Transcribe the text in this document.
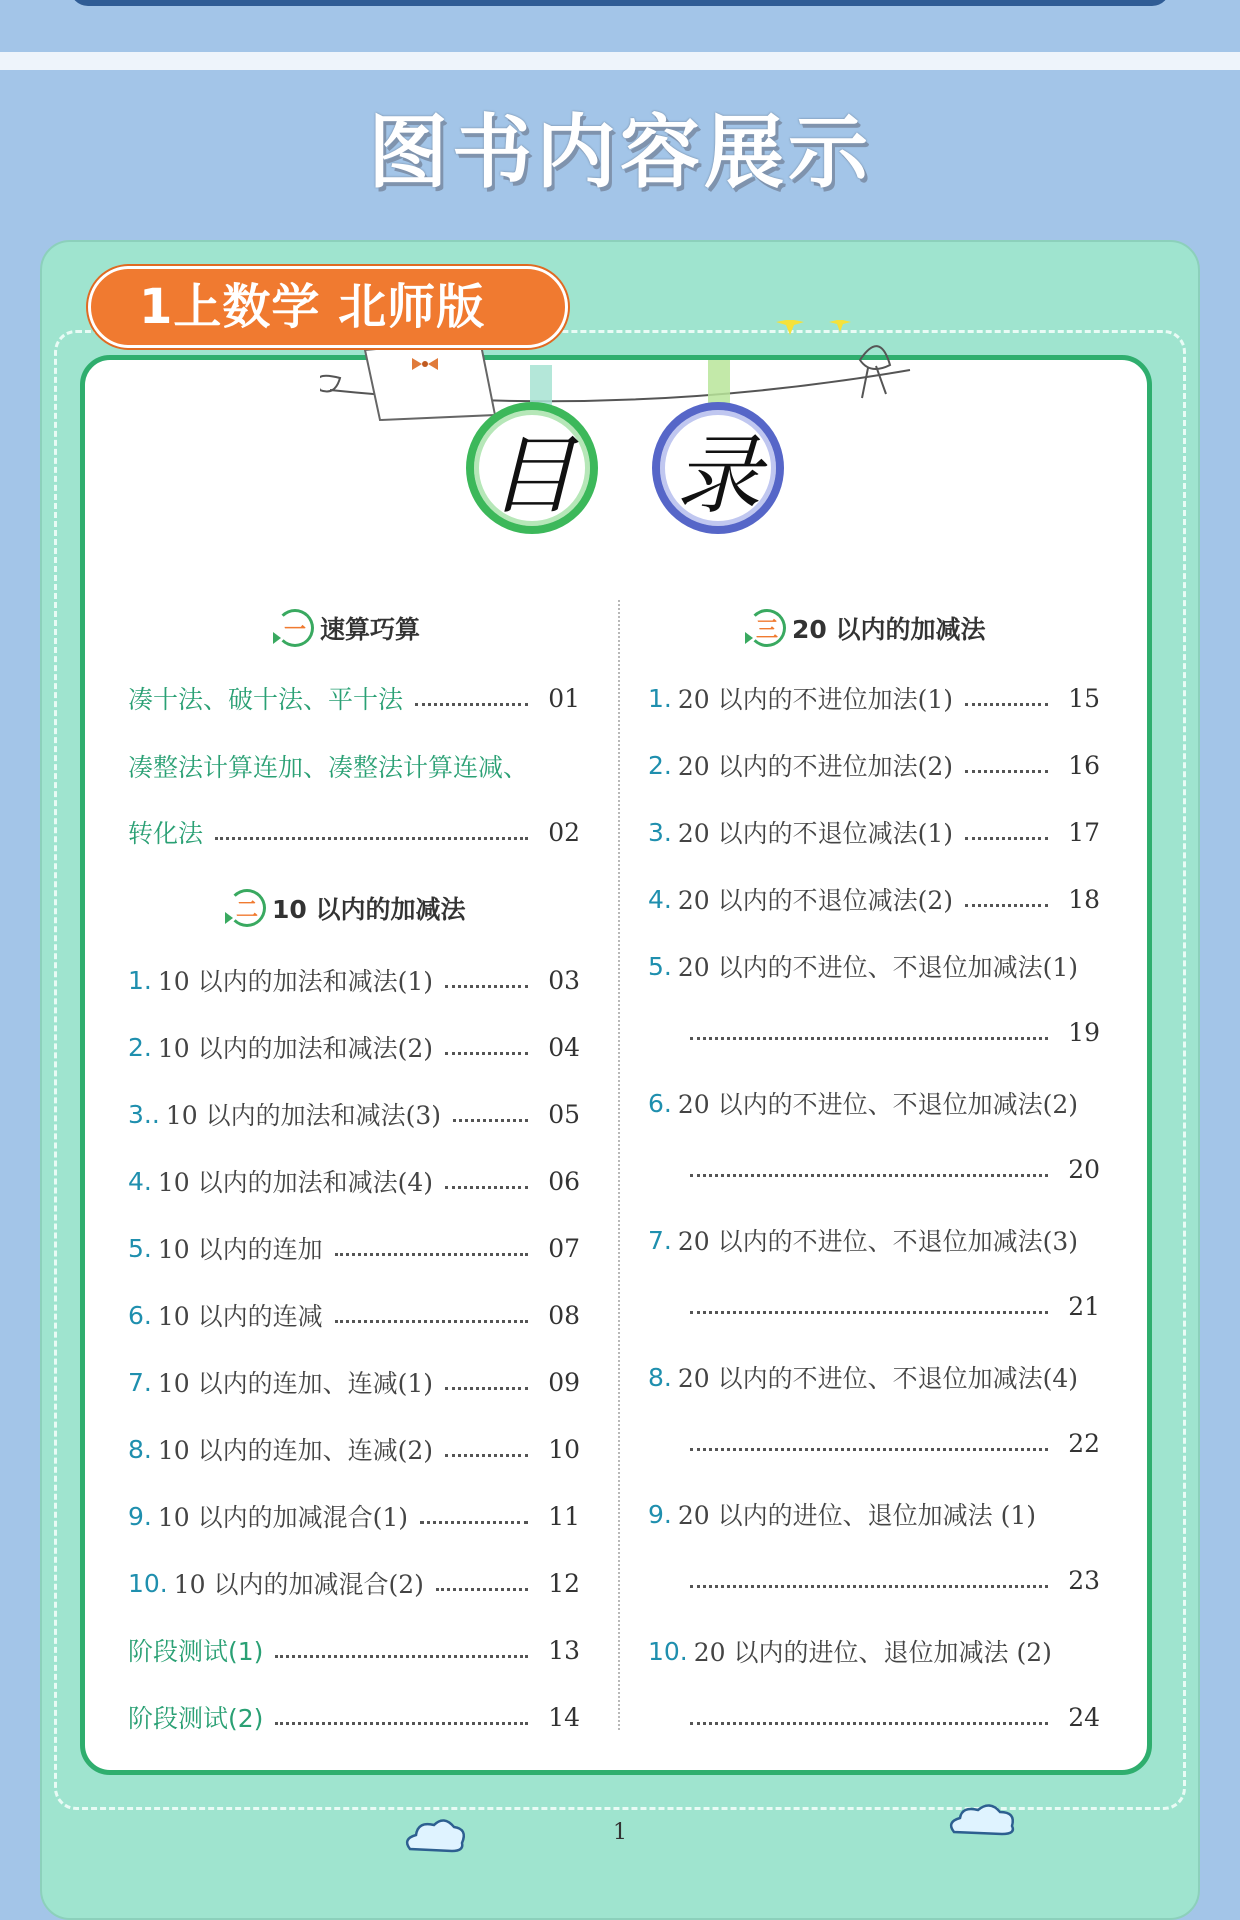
图书内容展示
目 录
1上数学 北师版
一 速算巧算
凑十法、破十法、平十法	01
凑整法计算连加、凑整法计算连减、
转化法	02
二 10 以内的加减法
1. 10 以内的加法和减法(1)	03
2. 10 以内的加法和减法(2)	04
3.. 10 以内的加法和减法(3)	05
4. 10 以内的加法和减法(4)	06
5. 10 以内的连加	07
6. 10 以内的连减	08
7. 10 以内的连加、连减(1)	09
8. 10 以内的连加、连减(2)	10
9. 10 以内的加减混合(1)	11
10. 10 以内的加减混合(2)	12
阶段测试(1)	13
阶段测试(2)	14
三 20 以内的加减法
1. 20 以内的不进位加法(1)	15
2. 20 以内的不进位加法(2)	16
3. 20 以内的不退位减法(1)	17
4. 20 以内的不退位减法(2)	18
5. 20 以内的不进位、不退位加减法(1)
19
6. 20 以内的不进位、不退位加减法(2)
20
7. 20 以内的不进位、不退位加减法(3)
21
8. 20 以内的不进位、不退位加减法(4)
22
9. 20 以内的进位、退位加减法 (1)
23
10. 20 以内的进位、退位加减法 (2)
24
1
